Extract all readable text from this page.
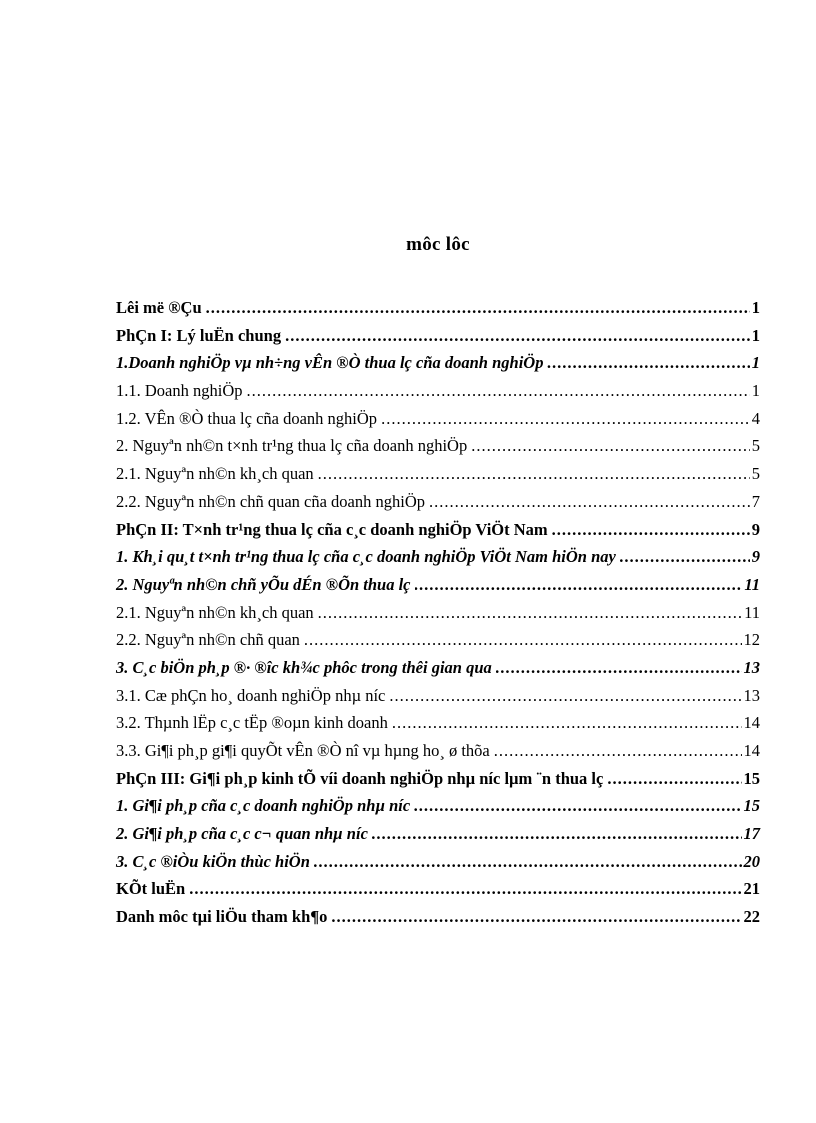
môc lôc
Lêi më ®Çu .....	1
PhÇn I: Lý luËn chung .....	1
1.Doanh nghiÖp vµ nh÷ng vÊn ®Ò thua lç cña doanh nghiÖp .....	1
1.1. Doanh nghiÖp .....	1
1.2. VÊn ®Ò thua lç cña doanh nghiÖp .....	4
2. Nguyªn nh©n t×nh tr¹ng thua lç cña doanh nghiÖp .....	5
2.1. Nguyªn nh©n kh¸ch quan .....	5
2.2. Nguyªn nh©n chñ quan cña doanh nghiÖp .....	7
PhÇn II: T×nh tr¹ng thua lç cña c¸c doanh nghiÖp ViÖt Nam .....	9
1. Kh¸i qu¸t t×nh tr¹ng thua lç cña c¸c doanh nghiÖp ViÖt Nam hiÖn nay .....	9
2. Nguyªn nh©n chñ yÕu dÉn ®Õn thua lç .....	11
2.1. Nguyªn nh©n kh¸ch quan .....	11
2.2. Nguyªn nh©n chñ quan .....	12
3. C¸c biÖn ph¸p ®· ®îc kh¾c phôc trong thêi gian qua .....	13
3.1. Cæ phÇn ho¸ doanh nghiÖp nhµ níc .....	13
3.2. Thµnh lËp c¸c tËp ®oµn kinh doanh .....	14
3.3. Gi¶i ph¸p gi¶i quyÕt vÊn ®Ò nî vµ hµng ho¸ ø thõa .....	14
PhÇn III: Gi¶i ph¸p kinh tÕ víi doanh nghiÖp nhµ níc lµm ¨n thua lç .....	15
1. Gi¶i ph¸p cña c¸c doanh nghiÖp nhµ níc .....	15
2. Gi¶i ph¸p cña c¸c c¬ quan nhµ níc .....	17
3. C¸c ®iÒu kiÖn thùc hiÖn .....	20
KÕt luËn .....	21
Danh môc tµi liÖu tham kh¶o .....	22
